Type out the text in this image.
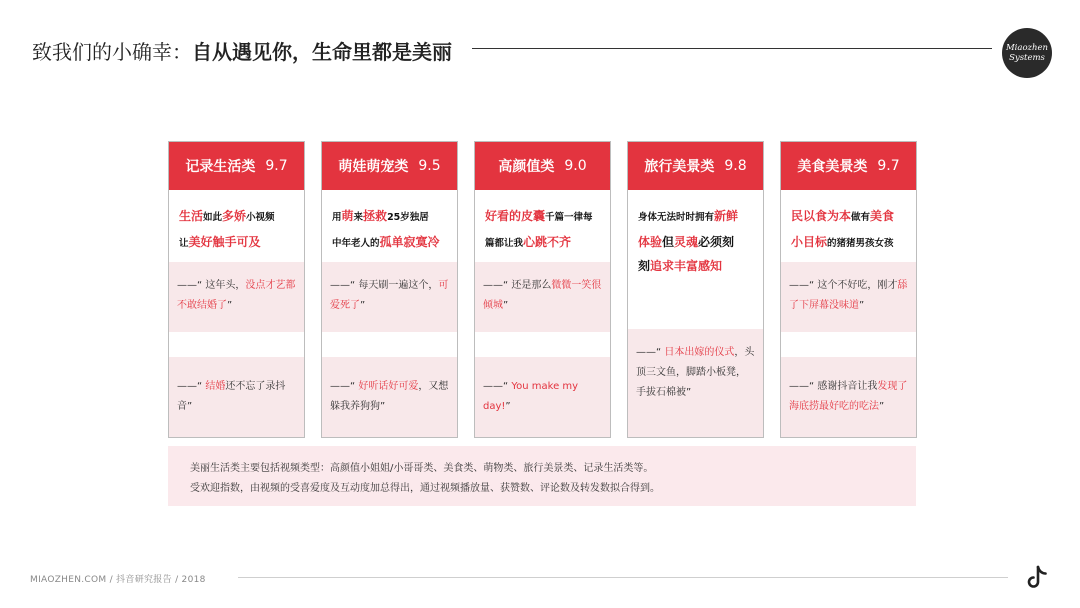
致我们的小确幸：自从遇见你，生命里都是美丽	Miaozhen
Systems
记录生活类 9.7
生活如此多娇小视频
让美好触手可及
——“ 这年头，没点才艺都不敢结婚了”
——“ 结婚还不忘了录抖音”
萌娃萌宠类 9.5
用萌来拯救25岁独居
中年老人的孤单寂寞冷
——“ 每天刷一遍这个，可爱死了”
——“ 好听话好可爱，又想躲我养狗狗”
高颜值类 9.0
好看的皮囊千篇一律每
篇都让我心跳不齐
——“ 还是那么微微一笑很倾城”
——“ You make my day!”
旅行美景类 9.8
身体无法时时拥有新鲜
体验但灵魂必须刻
刻追求丰富感知
——“ 日本出嫁的仪式，头顶三文鱼，脚踏小板凳，手拔石棉被”
美食美景类 9.7
民以食为本做有美食
小目标的猪猪男孩女孩
——“ 这个不好吃，刚才舔了下屏幕没味道”
——“ 感谢抖音让我发现了海底捞最好吃的吃法”
美丽生活类主要包括视频类型：高颜值小姐姐/小哥哥类、美食类、萌物类、旅行美景类、记录生活类等。
受欢迎指数，由视频的受喜爱度及互动度加总得出，通过视频播放量、获赞数、评论数及转发数拟合得到。
MIAOZHEN.COM / 抖音研究报告 / 2018
